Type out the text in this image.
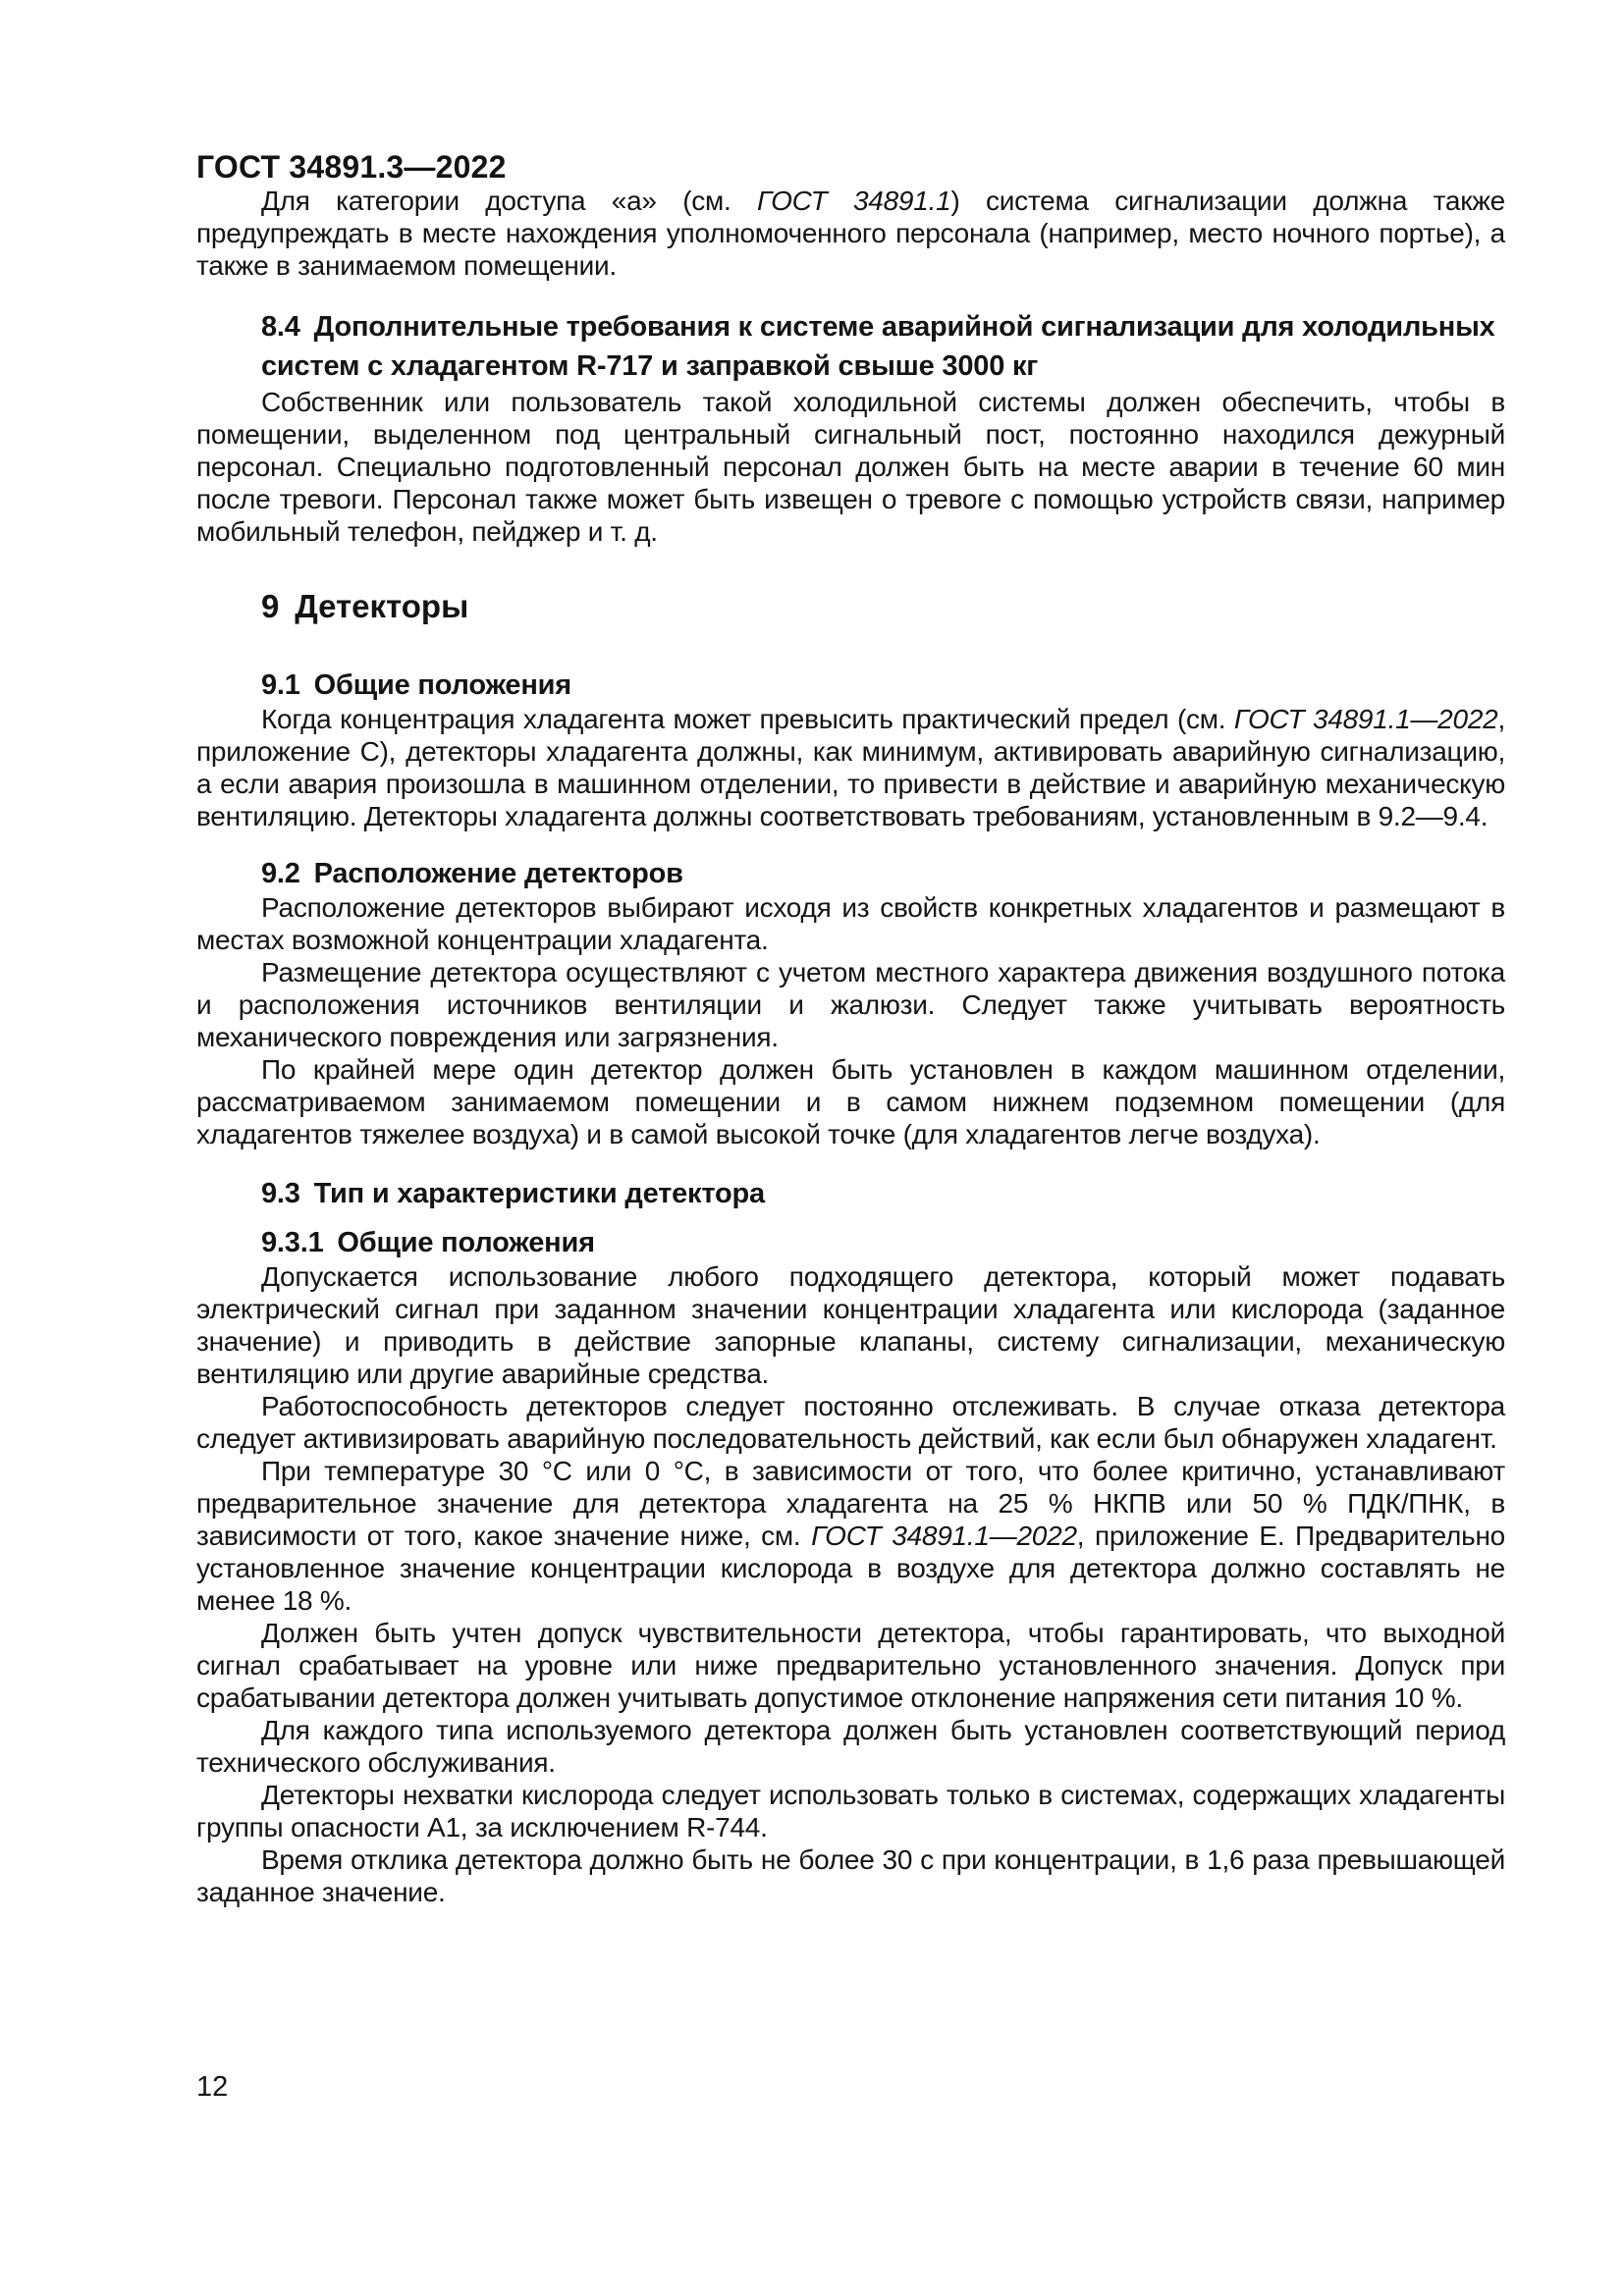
ГОСТ 34891.3—2022

Для категории доступа «а» (см. ГОСТ 34891.1) система сигнализации должна также предупреждать в месте нахождения уполномоченного персонала (например, место ночного портье), а также в занимаемом помещении.

8.4 Дополнительные требования к системе аварийной сигнализации для холодильных систем с хладагентом R-717 и заправкой свыше 3000 кг

Собственник или пользователь такой холодильной системы должен обеспечить, чтобы в помещении, выделенном под центральный сигнальный пост, постоянно находился дежурный персонал. Специально подготовленный персонал должен быть на месте аварии в течение 60 мин после тревоги. Персонал также может быть извещен о тревоге с помощью устройств связи, например мобильный телефон, пейджер и т. д.

9 Детекторы
9.1 Общие положения

Когда концентрация хладагента может превысить практический предел (см. ГОСТ 34891.1—2022, приложение С), детекторы хладагента должны, как минимум, активировать аварийную сигнализацию, а если авария произошла в машинном отделении, то привести в действие и аварийную механическую вентиляцию. Детекторы хладагента должны соответствовать требованиям, установленным в 9.2—9.4.

9.2 Расположение детекторов

Расположение детекторов выбирают исходя из свойств конкретных хладагентов и размещают в местах возможной концентрации хладагента.

Размещение детектора осуществляют с учетом местного характера движения воздушного потока и расположения источников вентиляции и жалюзи. Следует также учитывать вероятность механического повреждения или загрязнения.

По крайней мере один детектор должен быть установлен в каждом машинном отделении, рассматриваемом занимаемом помещении и в самом нижнем подземном помещении (для хладагентов тяжелее воздуха) и в самой высокой точке (для хладагентов легче воздуха).

9.3 Тип и характеристики детектора
9.3.1 Общие положения

Допускается использование любого подходящего детектора, который может подавать электрический сигнал при заданном значении концентрации хладагента или кислорода (заданное значение) и приводить в действие запорные клапаны, систему сигнализации, механическую вентиляцию или другие аварийные средства.

Работоспособность детекторов следует постоянно отслеживать. В случае отказа детектора следует активизировать аварийную последовательность действий, как если был обнаружен хладагент.

При температуре 30 °С или 0 °С, в зависимости от того, что более критично, устанавливают предварительное значение для детектора хладагента на 25 % НКПВ или 50 % ПДК/ПНК, в зависимости от того, какое значение ниже, см. ГОСТ 34891.1—2022, приложение Е. Предварительно установленное значение концентрации кислорода в воздухе для детектора должно составлять не менее 18 %.

Должен быть учтен допуск чувствительности детектора, чтобы гарантировать, что выходной сигнал срабатывает на уровне или ниже предварительно установленного значения. Допуск при срабатывании детектора должен учитывать допустимое отклонение напряжения сети питания 10 %.

Для каждого типа используемого детектора должен быть установлен соответствующий период технического обслуживания.

Детекторы нехватки кислорода следует использовать только в системах, содержащих хладагенты группы опасности А1, за исключением R-744.

Время отклика детектора должно быть не более 30 с при концентрации, в 1,6 раза превышающей заданное значение.

12
